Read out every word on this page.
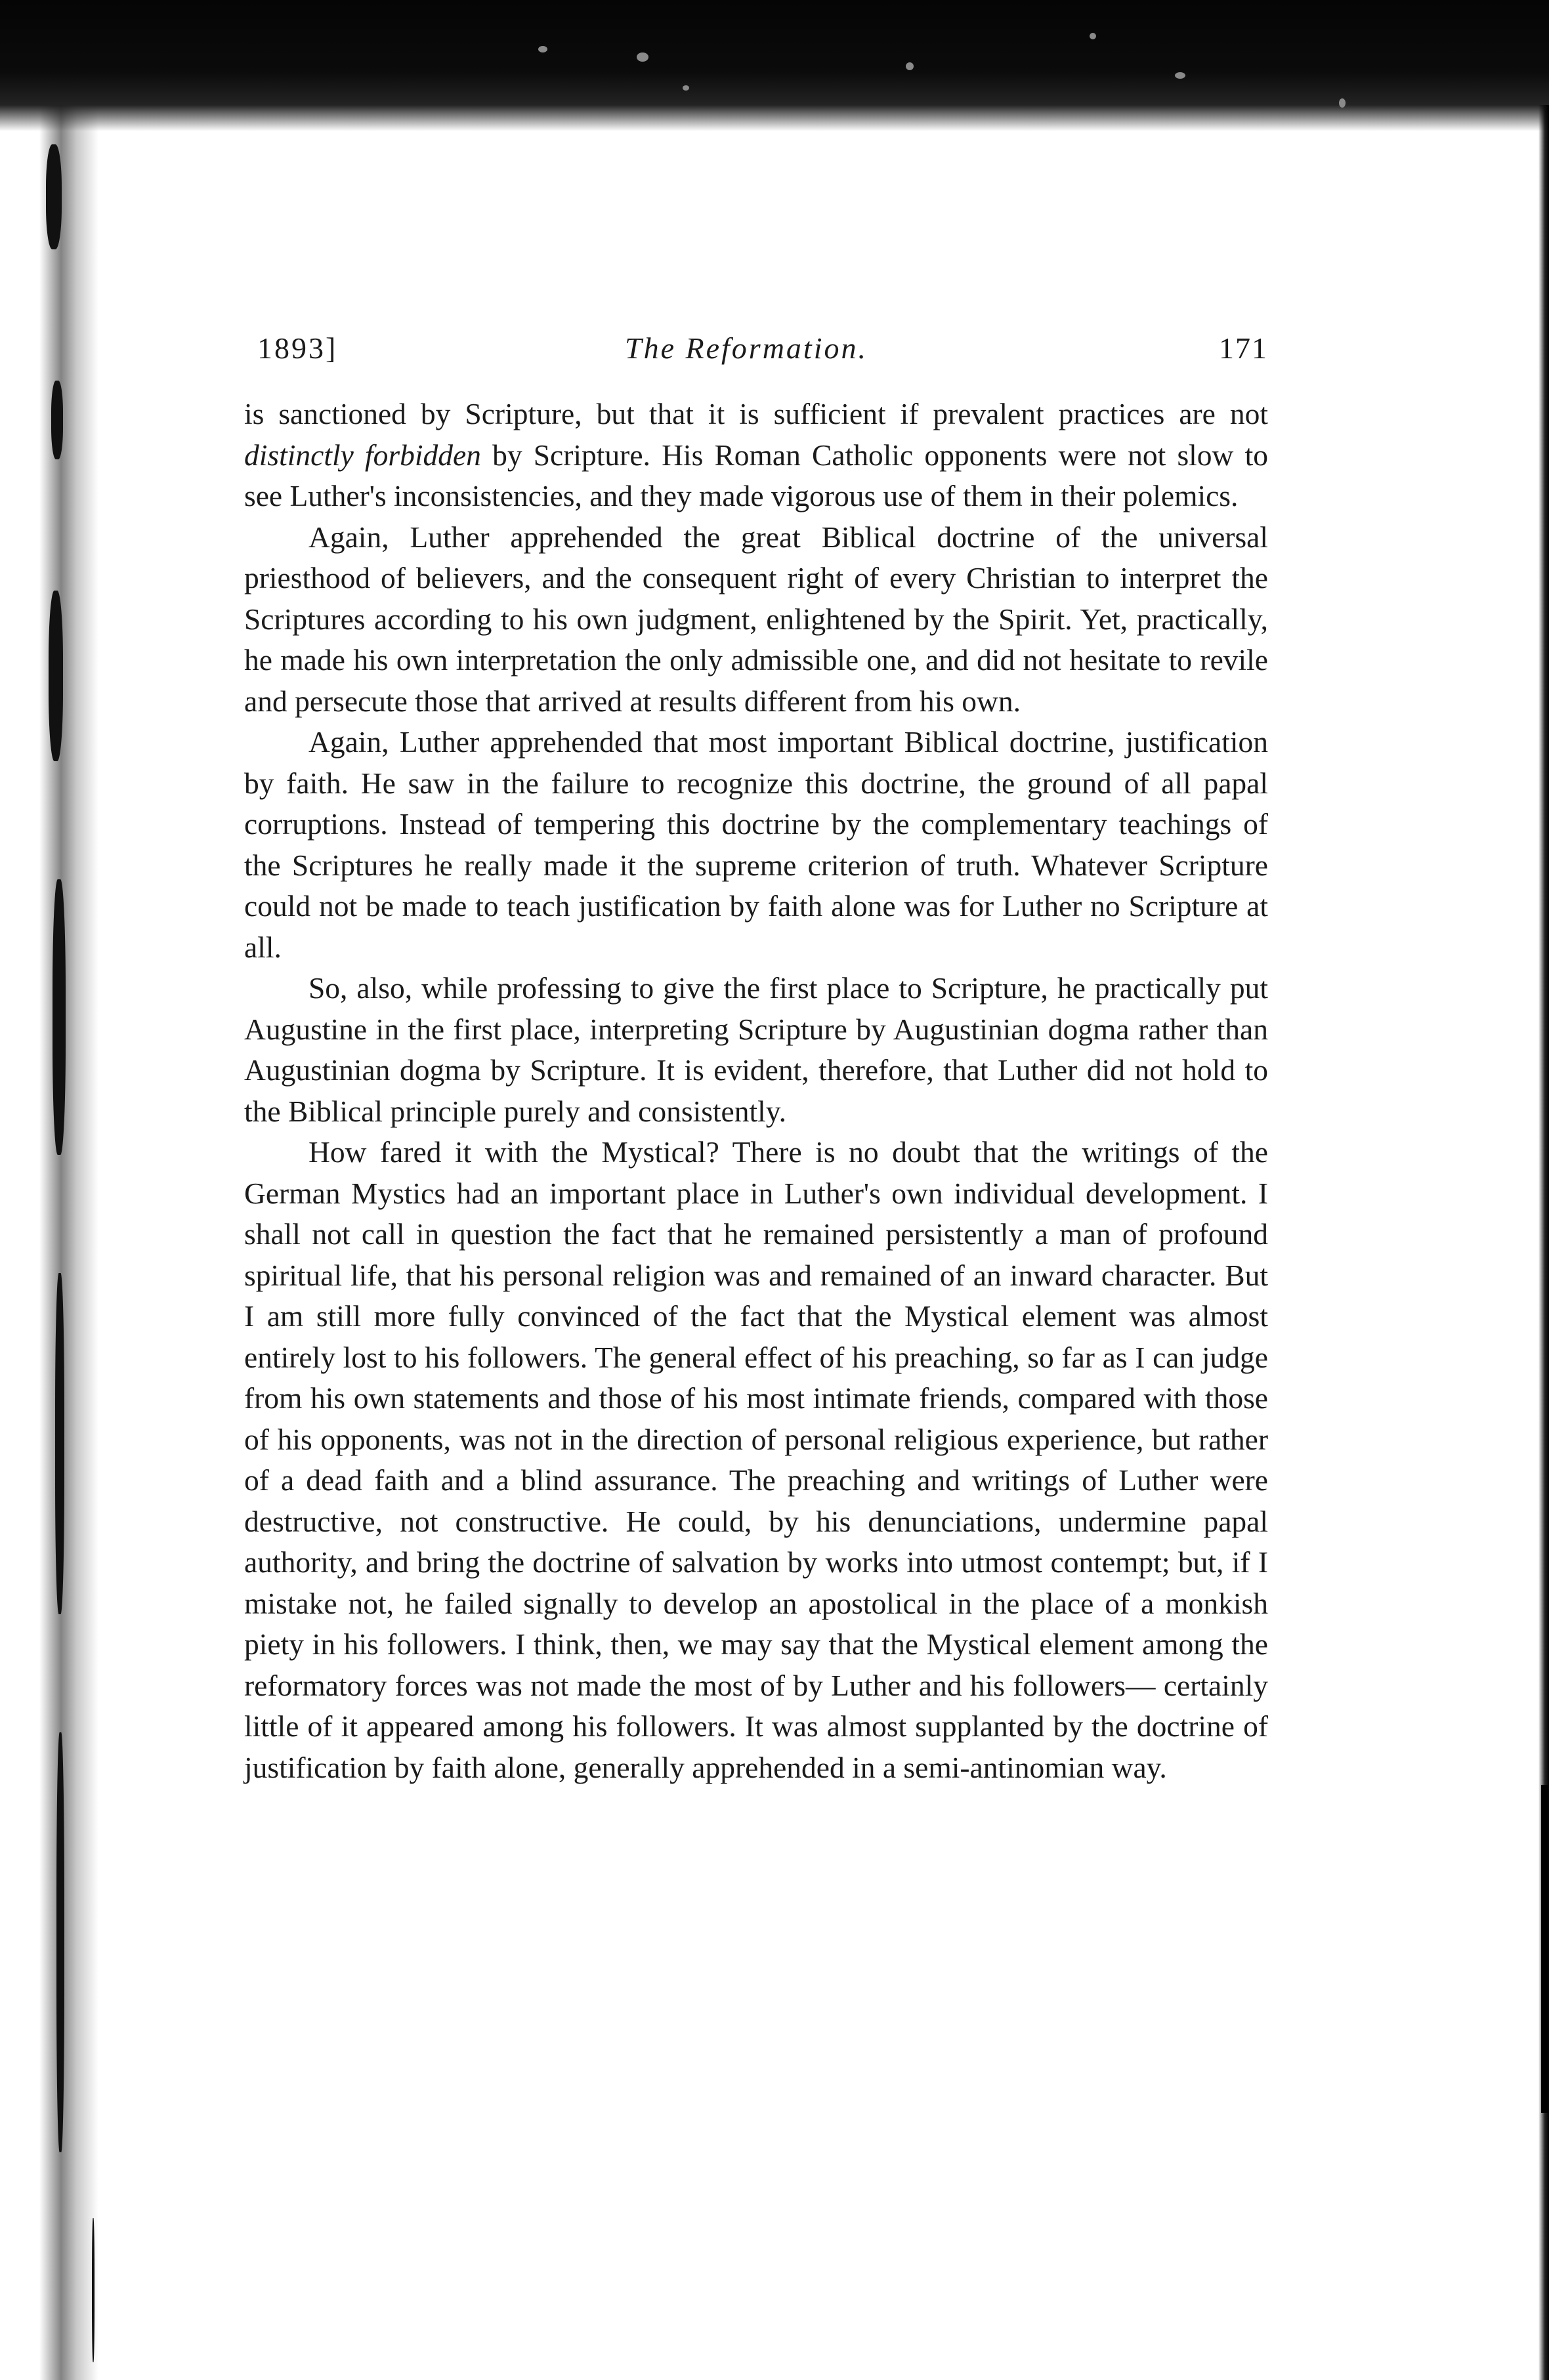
1893]	The Reformation.	171

is sanctioned by Scripture, but that it is sufficient if prevalent practices are not distinctly forbidden by Scripture. His Roman Catholic opponents were not slow to see Luther's inconsistencies, and they made vigorous use of them in their polemics.

Again, Luther apprehended the great Biblical doctrine of the universal priesthood of believers, and the consequent right of every Christian to interpret the Scriptures according to his own judgment, enlightened by the Spirit. Yet, practically, he made his own interpretation the only admissible one, and did not hesitate to revile and persecute those that arrived at results different from his own.

Again, Luther apprehended that most important Biblical doctrine, justification by faith. He saw in the failure to recognize this doctrine, the ground of all papal corruptions. Instead of tempering this doctrine by the complementary teachings of the Scriptures he really made it the supreme criterion of truth. Whatever Scripture could not be made to teach justification by faith alone was for Luther no Scripture at all.

So, also, while professing to give the first place to Scripture, he practically put Augustine in the first place, interpreting Scripture by Augustinian dogma rather than Augustinian dogma by Scripture. It is evident, therefore, that Luther did not hold to the Biblical principle purely and consistently.

How fared it with the Mystical? There is no doubt that the writings of the German Mystics had an important place in Luther's own individual development. I shall not call in question the fact that he remained persistently a man of profound spiritual life, that his personal religion was and remained of an inward character. But I am still more fully convinced of the fact that the Mystical element was almost entirely lost to his followers. The general effect of his preaching, so far as I can judge from his own statements and those of his most intimate friends, compared with those of his opponents, was not in the direction of personal religious experience, but rather of a dead faith and a blind assurance. The preaching and writings of Luther were destructive, not constructive. He could, by his denunciations, undermine papal authority, and bring the doctrine of salvation by works into utmost contempt; but, if I mistake not, he failed signally to develop an apostolical in the place of a monkish piety in his followers. I think, then, we may say that the Mystical element among the reformatory forces was not made the most of by Luther and his followers— certainly little of it appeared among his followers. It was almost supplanted by the doctrine of justification by faith alone, generally apprehended in a semi-antinomian way.
